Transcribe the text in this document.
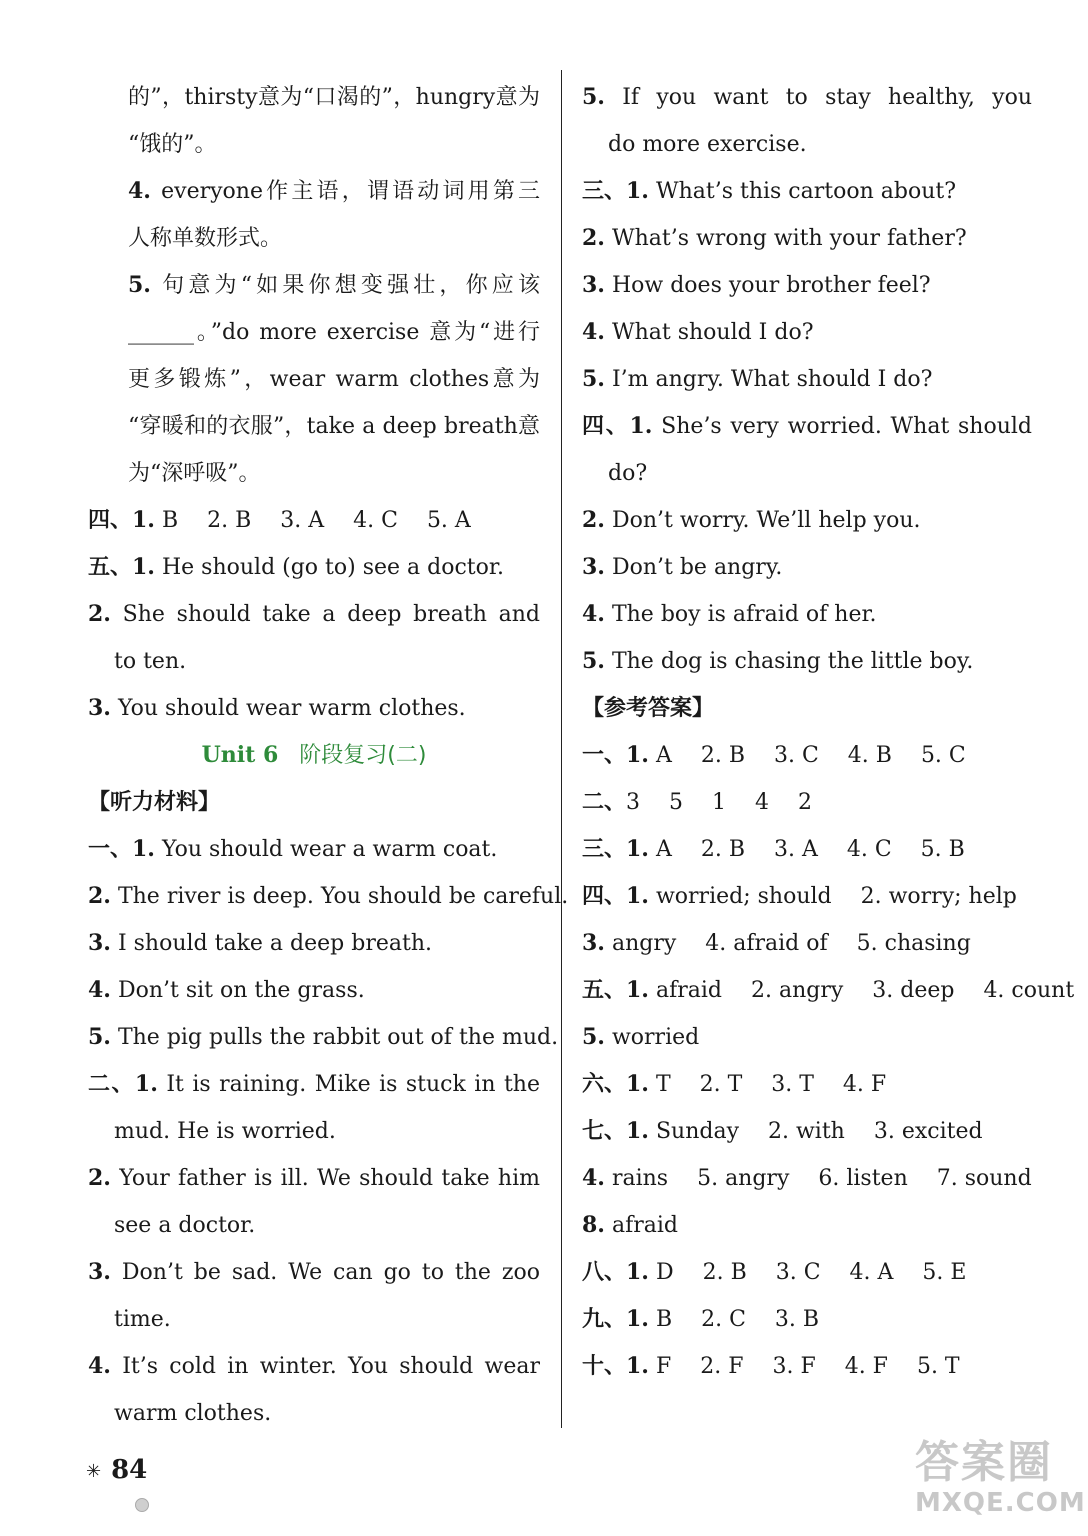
的”，thirsty意为“口渴的”，hungry意为
“饿的”。
4. everyone作主语，谓语动词用第三
人称单数形式。
5. 句意为“如果你想变强壮，你应该
______。”do more exercise 意为“进行
更多锻炼”，wear warm clothes意为
“穿暖和的衣服”，take a deep breath意
为“深呼吸”。
四、1. B　 2. B　 3. A　 4. C　 5. A
五、1. He should (go to) see a doctor.
2. She should take a deep breath and
to ten.
3. You should wear warm clothes.
Unit 6 阶段复习(二)
【听力材料】
一、1. You should wear a warm coat.
2. The river is deep. You should be careful.
3. I should take a deep breath.
4. Don’t sit on the grass.
5. The pig pulls the rabbit out of the mud.
二、1. It is raining. Mike is stuck in the
mud. He is worried.
2. Your father is ill. We should take him
see a doctor.
3. Don’t be sad. We can go to the zoo
time.
4. It’s cold in winter. You should wear
warm clothes.
5. If you want to stay healthy, you
do more exercise.
三、1. What’s this cartoon about?
2. What’s wrong with your father?
3. How does your brother feel?
4. What should I do?
5. I’m angry. What should I do?
四、1. She’s very worried. What should
do?
2. Don’t worry. We’ll help you.
3. Don’t be angry.
4. The boy is afraid of her.
5. The dog is chasing the little boy.
【参考答案】
一、1. A　 2. B　 3. C　 4. B　 5. C
二、3　 5　 1　 4　 2
三、1. A　 2. B　 3. A　 4. C　 5. B
四、1. worried; should　 2. worry; help
3. angry　 4. afraid of　 5. chasing
五、1. afraid　 2. angry　 3. deep　 4. count
5. worried
六、1. T　 2. T　 3. T　 4. F
七、1. Sunday　 2. with　 3. excited
4. rains　 5. angry　 6. listen　 7. sound
8. afraid
八、1. D　 2. B　 3. C　 4. A　 5. E
九、1. B　 2. C　 3. B
十、1. F　 2. F　 3. F　 4. F　 5. T
✳ 84	答案圈
MXQE.COM
